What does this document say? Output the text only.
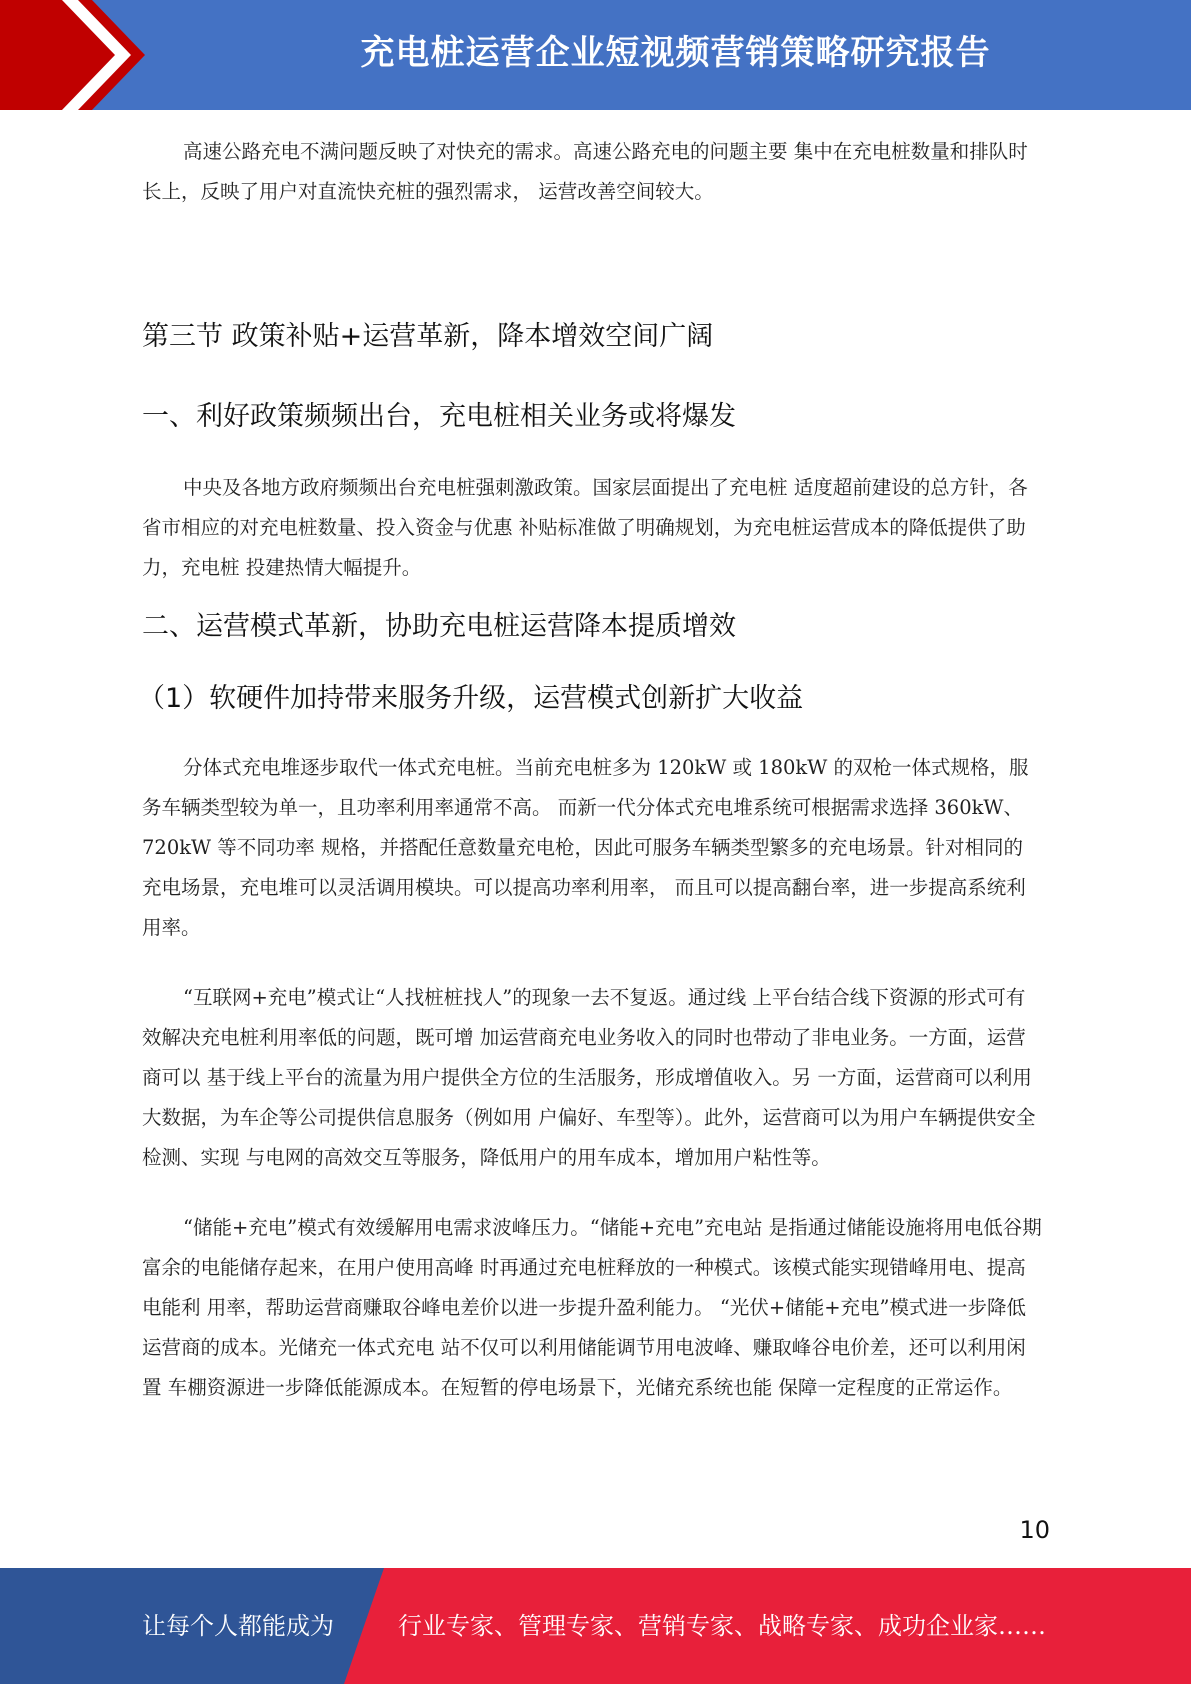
充电桩运营企业短视频营销策略研究报告

高速公路充电不满问题反映了对快充的需求。高速公路充电的问题主要 集中在充电桩数量和排队时长上，反映了用户对直流快充桩的强烈需求， 运营改善空间较大。

第三节 政策补贴+运营革新，降本增效空间广阔
一、利好政策频频出台，充电桩相关业务或将爆发

中央及各地方政府频频出台充电桩强刺激政策。国家层面提出了充电桩 适度超前建设的总方针，各省市相应的对充电桩数量、投入资金与优惠 补贴标准做了明确规划，为充电桩运营成本的降低提供了助力，充电桩 投建热情大幅提升。

二、运营模式革新，协助充电桩运营降本提质增效
（1）软硬件加持带来服务升级，运营模式创新扩大收益

分体式充电堆逐步取代一体式充电桩。当前充电桩多为 120kW 或 180kW 的双枪一体式规格，服务车辆类型较为单一，且功率利用率通常不高。 而新一代分体式充电堆系统可根据需求选择 360kW、720kW 等不同功率 规格，并搭配任意数量充电枪，因此可服务车辆类型繁多的充电场景。针对相同的充电场景，充电堆可以灵活调用模块。可以提高功率利用率， 而且可以提高翻台率，进一步提高系统利用率。

“互联网+充电”模式让“人找桩桩找人”的现象一去不复返。通过线 上平台结合线下资源的形式可有效解决充电桩利用率低的问题，既可增 加运营商充电业务收入的同时也带动了非电业务。一方面，运营商可以 基于线上平台的流量为用户提供全方位的生活服务，形成增值收入。另 一方面，运营商可以利用大数据，为车企等公司提供信息服务（例如用 户偏好、车型等）。此外，运营商可以为用户车辆提供安全检测、实现 与电网的高效交互等服务，降低用户的用车成本，增加用户粘性等。

“储能+充电”模式有效缓解用电需求波峰压力。“储能+充电”充电站 是指通过储能设施将用电低谷期富余的电能储存起来，在用户使用高峰 时再通过充电桩释放的一种模式。该模式能实现错峰用电、提高电能利 用率，帮助运营商赚取谷峰电差价以进一步提升盈利能力。 “光伏+储能+充电”模式进一步降低运营商的成本。光储充一体式充电 站不仅可以利用储能调节用电波峰、赚取峰谷电价差，还可以利用闲置 车棚资源进一步降低能源成本。在短暂的停电场景下，光储充系统也能 保障一定程度的正常运作。

10
让每个人都能成为	行业专家、管理专家、营销专家、战略专家、成功企业家……
